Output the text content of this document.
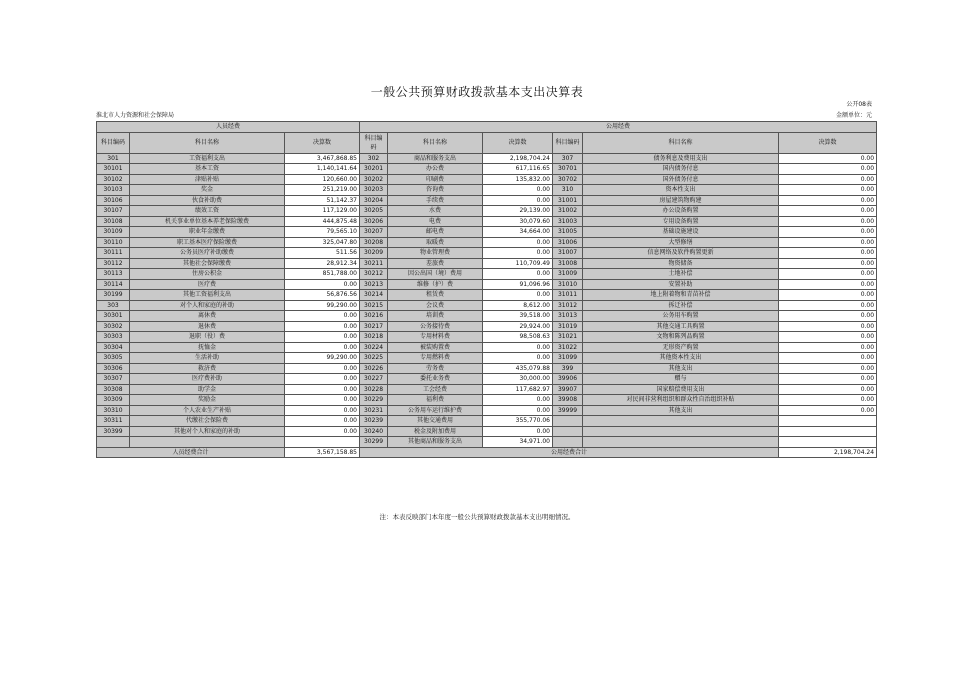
一般公共预算财政拨款基本支出决算表
公开08表
淮北市人力资源和社会保障局	金额单位：元
人员经费			公用经费					
科目编码	科目名称	决算数	科目编码	科目名称	决算数	科目编码	科目名称	决算数
301	工资福利支出	3,467,868.85	302	商品和服务支出	2,198,704.24	307	债务利息及费用支出	0.00
30101	基本工资	1,140,141.64	30201	办公费	617,116.65	30701	国内债务付息	0.00
30102	津贴补贴	120,660.00	30202	印刷费	135,832.00	30702	国外债务付息	0.00
30103	奖金	251,219.00	30203	咨询费	0.00	310	资本性支出	0.00
30106	伙食补助费	51,142.37	30204	手续费	0.00	31001	房屋建筑物购建	0.00
30107	绩效工资	117,129.00	30205	水费	29,139.00	31002	办公设备购置	0.00
30108	机关事业单位基本养老保险缴费	444,875.48	30206	电费	30,079.60	31003	专用设备购置	0.00
30109	职业年金缴费	79,565.10	30207	邮电费	34,664.00	31005	基础设施建设	0.00
30110	职工基本医疗保险缴费	325,047.80	30208	取暖费	0.00	31006	大型修缮	0.00
30111	公务员医疗补助缴费	511.56	30209	物业管理费	0.00	31007	信息网络及软件购置更新	0.00
30112	其他社会保障缴费	28,912.34	30211	差旅费	110,709.49	31008	物资储备	0.00
30113	住房公积金	851,788.00	30212	因公出国（境）费用	0.00	31009	土地补偿	0.00
30114	医疗费	0.00	30213	维修（护）费	91,096.96	31010	安置补助	0.00
30199	其他工资福利支出	56,876.56	30214	租赁费	0.00	31011	地上附着物和青苗补偿	0.00
303	对个人和家庭的补助	99,290.00	30215	会议费	8,612.00	31012	拆迁补偿	0.00
30301	离休费	0.00	30216	培训费	39,518.00	31013	公务用车购置	0.00
30302	退休费	0.00	30217	公务接待费	29,924.00	31019	其他交通工具购置	0.00
30303	退职（役）费	0.00	30218	专用材料费	98,508.63	31021	文物和陈列品购置	0.00
30304	抚恤金	0.00	30224	被装购置费	0.00	31022	无形资产购置	0.00
30305	生活补助	99,290.00	30225	专用燃料费	0.00	31099	其他资本性支出	0.00
30306	救济费	0.00	30226	劳务费	435,079.88	399	其他支出	0.00
30307	医疗费补助	0.00	30227	委托业务费	30,000.00	39906	赠与	0.00
30308	助学金	0.00	30228	工会经费	117,682.97	39907	国家赔偿费用支出	0.00
30309	奖励金	0.00	30229	福利费	0.00	39908	对民间非营利组织和群众性自治组织补贴	0.00
30310	个人农业生产补贴	0.00	30231	公务用车运行维护费	0.00	39999	其他支出	0.00
30311	代缴社会保险费	0.00	30239	其他交通费用	355,770.06			
30399	其他对个人和家庭的补助	0.00	30240	税金及附加费用	0.00			
			30299	其他商品和服务支出	34,971.00			
人员经费合计		3,567,158.85	公用经费合计					2,198,704.24
注：本表反映部门本年度一般公共预算财政拨款基本支出明细情况。
